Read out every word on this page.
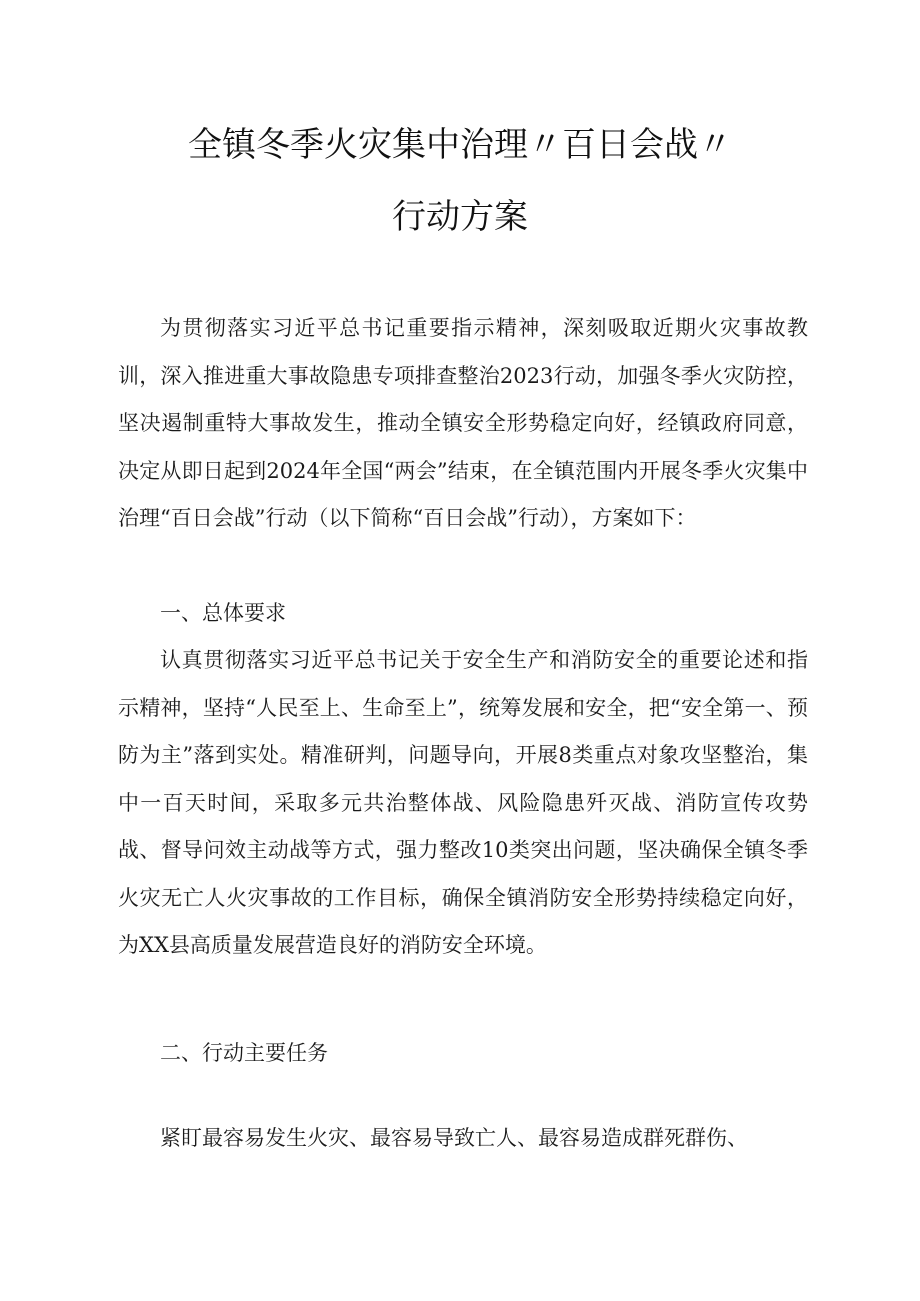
全镇冬季火灾集中治理〃百日会战〃
行动方案

为贯彻落实习近平总书记重要指示精神，深刻吸取近期火灾事故教训，深入推进重大事故隐患专项排查整治2023行动，加强冬季火灾防控，坚决遏制重特大事故发生，推动全镇安全形势稳定向好，经镇政府同意，决定从即日起到2024年全国“两会”结束，在全镇范围内开展冬季火灾集中治理“百日会战”行动（以下简称“百日会战”行动），方案如下：

一、总体要求

认真贯彻落实习近平总书记关于安全生产和消防安全的重要论述和指示精神，坚持“人民至上、生命至上”，统筹发展和安全，把“安全第一、预防为主”落到实处。精准研判，问题导向，开展8类重点对象攻坚整治，集中一百天时间，采取多元共治整体战、风险隐患歼灭战、消防宣传攻势战、督导问效主动战等方式，强力整改10类突出问题，坚决确保全镇冬季火灾无亡人火灾事故的工作目标，确保全镇消防安全形势持续稳定向好，为XX县高质量发展营造良好的消防安全环境。

二、行动主要任务

紧盯最容易发生火灾、最容易导致亡人、最容易造成群死群伤、
